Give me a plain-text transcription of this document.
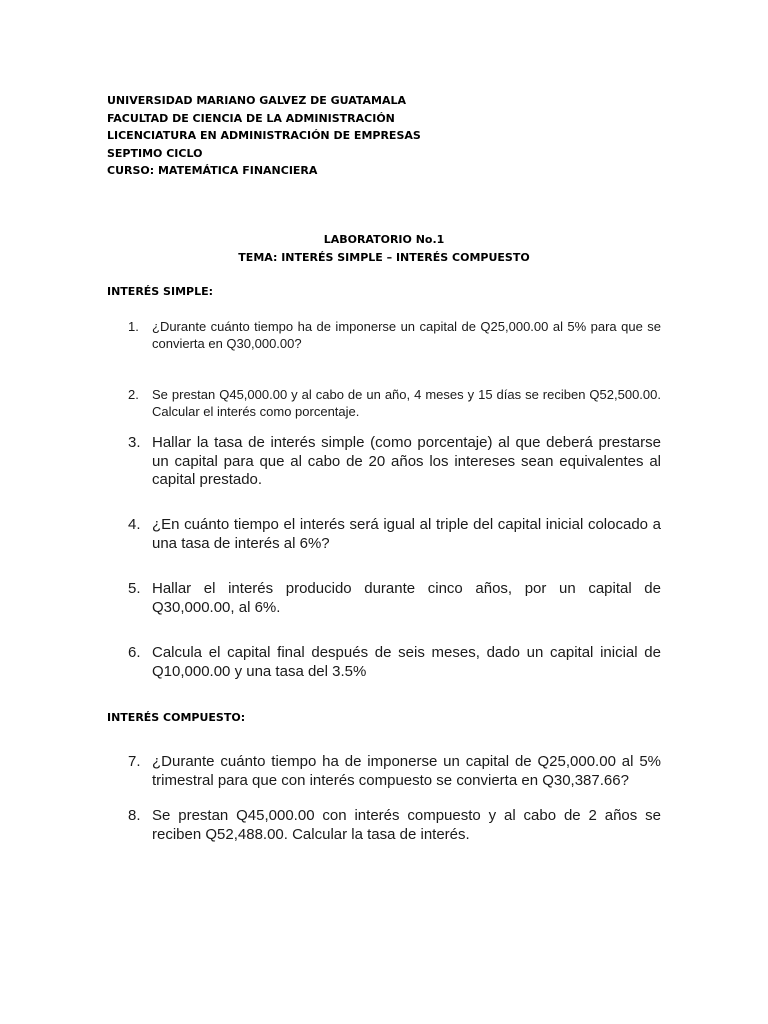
UNIVERSIDAD MARIANO GALVEZ DE GUATAMALA
FACULTAD DE CIENCIA DE LA ADMINISTRACIÓN
LICENCIATURA EN ADMINISTRACIÓN DE EMPRESAS
SEPTIMO CICLO
CURSO: MATEMÁTICA FINANCIERA
LABORATORIO No.1
TEMA: INTERÉS SIMPLE – INTERÉS COMPUESTO
INTERÉS SIMPLE:
1.	¿Durante cuánto tiempo ha de imponerse un capital de Q25,000.00 al 5% para que se convierta en Q30,000.00?
2.	Se prestan Q45,000.00 y al cabo de un año, 4 meses y 15 días se reciben Q52,500.00. Calcular el interés como porcentaje.
3. Hallar la tasa de interés simple (como porcentaje) al que deberá prestarse un capital para que al cabo de 20 años los intereses sean equivalentes al capital prestado.
4. ¿En cuánto tiempo el interés será igual al triple del capital inicial colocado a una tasa de interés al 6%?
5. Hallar el interés producido durante cinco años, por un capital de Q30,000.00, al 6%.
6. Calcula el capital final después de seis meses, dado un capital inicial de Q10,000.00 y una tasa del 3.5%
INTERÉS COMPUESTO:
7. ¿Durante cuánto tiempo ha de imponerse un capital de Q25,000.00 al 5% trimestral para que con interés compuesto se convierta en Q30,387.66?
8. Se prestan Q45,000.00 con interés compuesto y al cabo de 2 años se reciben Q52,488.00. Calcular la tasa de interés.
